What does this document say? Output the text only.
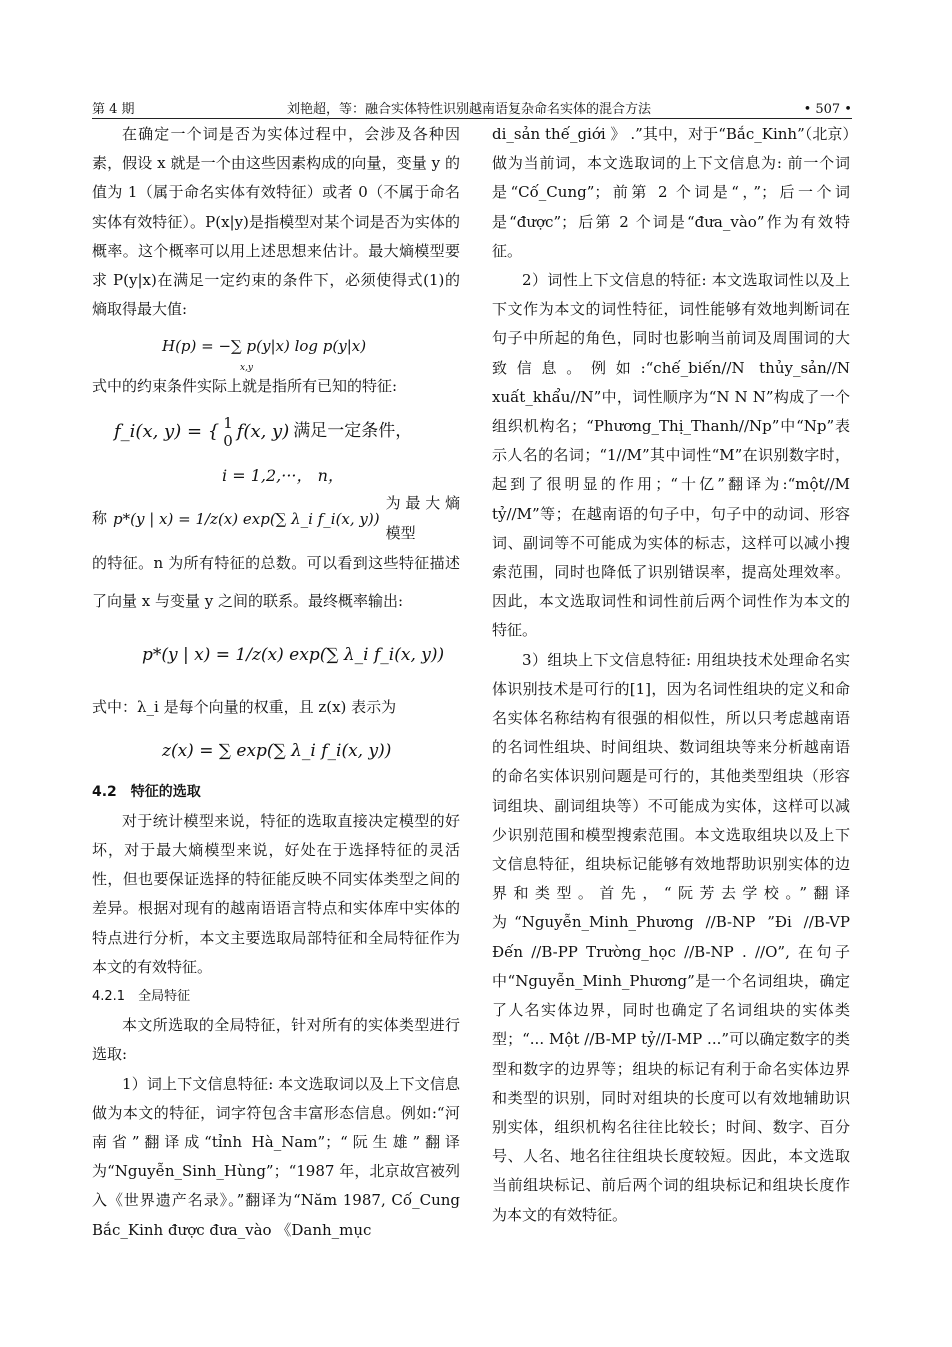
第 4 期	刘艳超，等：融合实体特性识别越南语复杂命名实体的混合方法	• 507 •

在确定一个词是否为实体过程中，会涉及各种因素，假设 x 就是一个由这些因素构成的向量，变量 y 的值为 1（属于命名实体有效特征）或者 0（不属于命名实体有效特征）。P(x|y)是指模型对某个词是否为实体的概率。这个概率可以用上述思想来估计。最大熵模型要求 P(y|x)在满足一定约束的条件下，必须使得式(1)的熵取得最大值:

H(p) = −∑ p(y|x) log p(y|x)
x,y

式中的约束条件实际上就是指所有已知的特征:

f_i(x, y) = { 1
0 f(x, y) 满足一定条件，

i = 1,2,···， n，

称 p*(y | x) = 1/z(x) exp(∑ λ_i f_i(x, y))
为最大熵模型

的特征。n 为所有特征的总数。可以看到这些特征描述了向量 x 与变量 y 之间的联系。最终概率输出:

p*(y | x) = 1/z(x) exp(∑ λ_i f_i(x, y))

式中：λ_i 是每个向量的权重，且 z(x) 表示为

z(x) = ∑ exp(∑ λ_i f_i(x, y))

4.2　特征的选取

对于统计模型来说，特征的选取直接决定模型的好坏，对于最大熵模型来说，好处在于选择特征的灵活性，但也要保证选择的特征能反映不同实体类型之间的差异。根据对现有的越南语语言特点和实体库中实体的特点进行分析，本文主要选取局部特征和全局特征作为本文的有效特征。

4.2.1　全局特征

本文所选取的全局特征，针对所有的实体类型进行选取:

1）词上下文信息特征: 本文选取词以及上下文信息做为本文的特征，词字符包含丰富形态信息。例如:“河南省”翻译成“tỉnh Hà_Nam”；“阮生雄”翻译为“Nguyễn_Sinh_Hùng”；“1987 年，北京故宫被列入《世界遗产名录》。”翻译为“Năm 1987, Cố_Cung Bắc_Kinh được đưa_vào 《Danh_mục

di_sản thế_giới 》 .”其中，对于“Bắc_Kinh”（北京）做为当前词，本文选取词的上下文信息为: 前一个词是“Cố_Cung”；前第 2 个词是“，”；后一个词是“được”；后第 2 个词是“đưa_vào”作为有效特征。

2）词性上下文信息的特征: 本文选取词性以及上下文作为本文的词性特征，词性能够有效地判断词在句子中所起的角色，同时也影响当前词及周围词的大致信息。例如:“chế_biến//N thủy_sản//N xuất_khẩu//N”中，词性顺序为“N N N”构成了一个组织机构名；“Phương_Thị_Thanh//Np”中“Np”表示人名的名词；“1//M”其中词性“M”在识别数字时，起到了很明显的作用；“十亿”翻译为:“một//M tỷ//M”等；在越南语的句子中，句子中的动词、形容词、副词等不可能成为实体的标志，这样可以减小搜索范围，同时也降低了识别错误率，提高处理效率。因此，本文选取词性和词性前后两个词性作为本文的特征。

3）组块上下文信息特征: 用组块技术处理命名实体识别技术是可行的[1]，因为名词性组块的定义和命名实体名称结构有很强的相似性，所以只考虑越南语的名词性组块、时间组块、数词组块等来分析越南语的命名实体识别问题是可行的，其他类型组块（形容词组块、副词组块等）不可能成为实体，这样可以减少识别范围和模型搜索范围。本文选取组块以及上下文信息特征，组块标记能够有效地帮助识别实体的边界和类型。首先，“阮芳去学校。”翻译为“Nguyễn_Minh_Phương //B-NP ”Đi //B-VP Đến //B-PP Trường_học //B-NP . //O”, 在句子中“Nguyễn_Minh_Phương”是一个名词组块，确定了人名实体边界，同时也确定了名词组块的实体类型；“... Một //B-MP tỷ//I-MP ...”可以确定数字的类型和数字的边界等；组块的标记有利于命名实体边界和类型的识别，同时对组块的长度可以有效地辅助识别实体，组织机构名往往比较长；时间、数字、百分号、人名、地名往往组块长度较短。因此，本文选取当前组块标记、前后两个词的组块标记和组块长度作为本文的有效特征。
